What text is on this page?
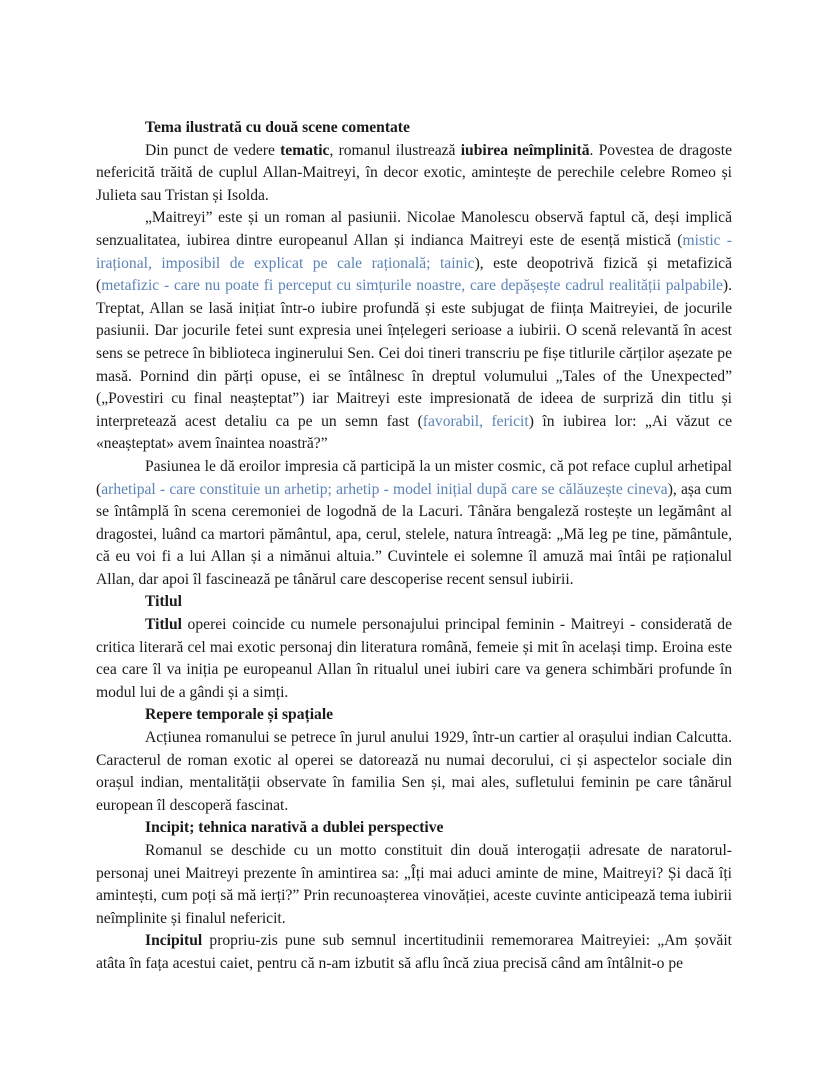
Tema ilustrată cu două scene comentate

Din punct de vedere tematic, romanul ilustrează iubirea neîmplinită. Povestea de dragoste nefericită trăită de cuplul Allan-Maitreyi, în decor exotic, amintește de perechile celebre Romeo și Julieta sau Tristan și Isolda.

„Maitreyi” este și un roman al pasiunii. Nicolae Manolescu observă faptul că, deși implică senzualitatea, iubirea dintre europeanul Allan și indianca Maitreyi este de esență mistică (mistic - irațional, imposibil de explicat pe cale rațională; tainic), este deopotrivă fizică și metafizică (metafizic - care nu poate fi perceput cu simțurile noastre, care depășește cadrul realității palpabile). Treptat, Allan se lasă inițiat într-o iubire profundă și este subjugat de ființa Maitreyiei, de jocurile pasiunii. Dar jocurile fetei sunt expresia unei înțelegeri serioase a iubirii. O scenă relevantă în acest sens se petrece în biblioteca inginerului Sen. Cei doi tineri transcriu pe fișe titlurile cărților așezate pe masă. Pornind din părți opuse, ei se întâlnesc în dreptul volumului „Tales of the Unexpected” („Povestiri cu final neașteptat”) iar Maitreyi este impresionată de ideea de surpriză din titlu și interpretează acest detaliu ca pe un semn fast (favorabil, fericit) în iubirea lor: „Ai văzut ce «neașteptat» avem înaintea noastră?”

Pasiunea le dă eroilor impresia că participă la un mister cosmic, că pot reface cuplul arhetipal (arhetipal - care constituie un arhetip; arhetip - model inițial după care se călăuzește cineva), așa cum se întâmplă în scena ceremoniei de logodnă de la Lacuri. Tânăra bengaleză rostește un legământ al dragostei, luând ca martori pământul, apa, cerul, stelele, natura întreagă: „Mă leg pe tine, pământule, că eu voi fi a lui Allan și a nimănui altuia.” Cuvintele ei solemne îl amuză mai întâi pe raționalul Allan, dar apoi îl fascinează pe tânărul care descoperise recent sensul iubirii.

Titlul

Titlul operei coincide cu numele personajului principal feminin - Maitreyi - considerată de critica literară cel mai exotic personaj din literatura română, femeie și mit în același timp. Eroina este cea care îl va iniția pe europeanul Allan în ritualul unei iubiri care va genera schimbări profunde în modul lui de a gândi și a simți.

Repere temporale și spațiale

Acțiunea romanului se petrece în jurul anului 1929, într-un cartier al orașului indian Calcutta. Caracterul de roman exotic al operei se datorează nu numai decorului, ci și aspectelor sociale din orașul indian, mentalității observate în familia Sen și, mai ales, sufletului feminin pe care tânărul european îl descoperă fascinat.

Incipit; tehnica narativă a dublei perspective

Romanul se deschide cu un motto constituit din două interogații adresate de naratorul-personaj unei Maitreyi prezente în amintirea sa: „Îți mai aduci aminte de mine, Maitreyi? Și dacă îți amintești, cum poți să mă ierți?” Prin recunoașterea vinovăției, aceste cuvinte anticipează tema iubirii neîmplinite și finalul nefericit.

Incipitul propriu-zis pune sub semnul incertitudinii rememorarea Maitreyiei: „Am șovăit atâta în fața acestui caiet, pentru că n-am izbutit să aflu încă ziua precisă când am întâlnit-o pe
